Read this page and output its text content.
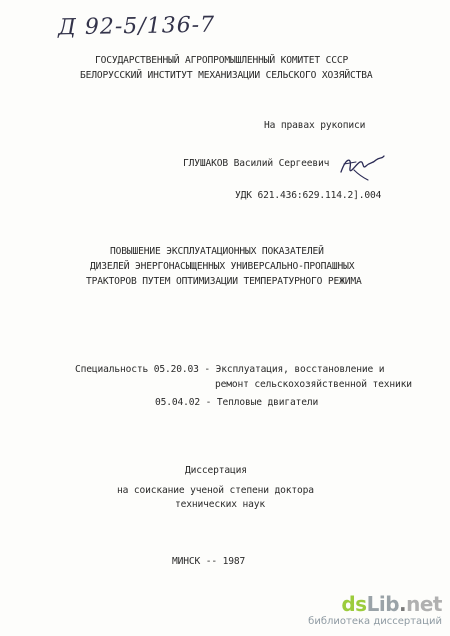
Д 92-5/136-7
ГОСУДАРСТВЕННЫЙ АГРОПРОМЫШЛЕННЫЙ КОМИТЕТ СССР
БЕЛОРУССКИЙ ИНСТИТУТ МЕХАНИЗАЦИИ СЕЛЬСКОГО ХОЗЯЙСТВА
На правах рукописи
ГЛУШАКОВ Василий Сергеевич
УДК 621.436:629.114.2].004
ПОВЫШЕНИЕ ЭКСПЛУАТАЦИОННЫХ ПОКАЗАТЕЛЕЙ
ДИЗЕЛЕЙ ЭНЕРГОНАСЫЩЕННЫХ УНИВЕРСАЛЬНО-ПРОПАШНЫХ
ТРАКТОРОВ ПУТЕМ ОПТИМИЗАЦИИ ТЕМПЕРАТУРНОГО РЕЖИМА
Специальность 05.20.03 - Эксплуатация, восстановление и
ремонт сельскохозяйственной техники
05.04.02 - Тепловые двигатели
Диссертация
на соискание ученой степени доктора
технических наук
МИНСК -- 1987
dsLib.net
библиотека диссертаций
